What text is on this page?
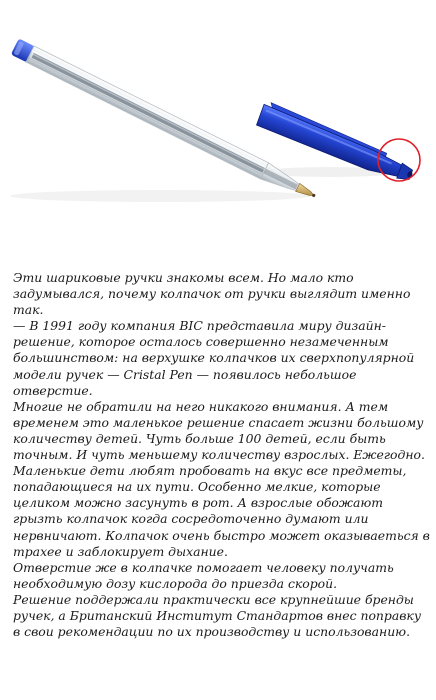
Эти шариковые ручки знакомы всем. Но мало кто задумывался, почему колпачок от ручки выглядит именно так.

— В 1991 году компания BIC представила миру дизайн-решение, которое осталось совершенно незамеченным большинством: на верхушке колпачков их сверхпопулярной модели ручек — Cristal Pen — появилось небольшое отверстие.

Многие не обратили на него никакого внимания. А тем временем это маленькое решение спасает жизни большому количеству детей. Чуть больше 100 детей, если быть точным. И чуть меньшему количеству взрослых. Ежегодно.

Маленькие дети любят пробовать на вкус все предметы, попадающиеся на их пути. Особенно мелкие, которые целиком можно засунуть в рот. А взрослые обожают грызть колпачок когда сосредоточенно думают или нервничают. Колпачок очень быстро может оказываеться в трахее и заблокирует дыхание.

Отверстие же в колпачке помогает человеку получать необходимую дозу кислорода до приезда скорой.

Решение поддержали практически все крупнейшие бренды ручек, а Британский Институт Стандартов внес поправку в свои рекомендации по их производству и использованию.
